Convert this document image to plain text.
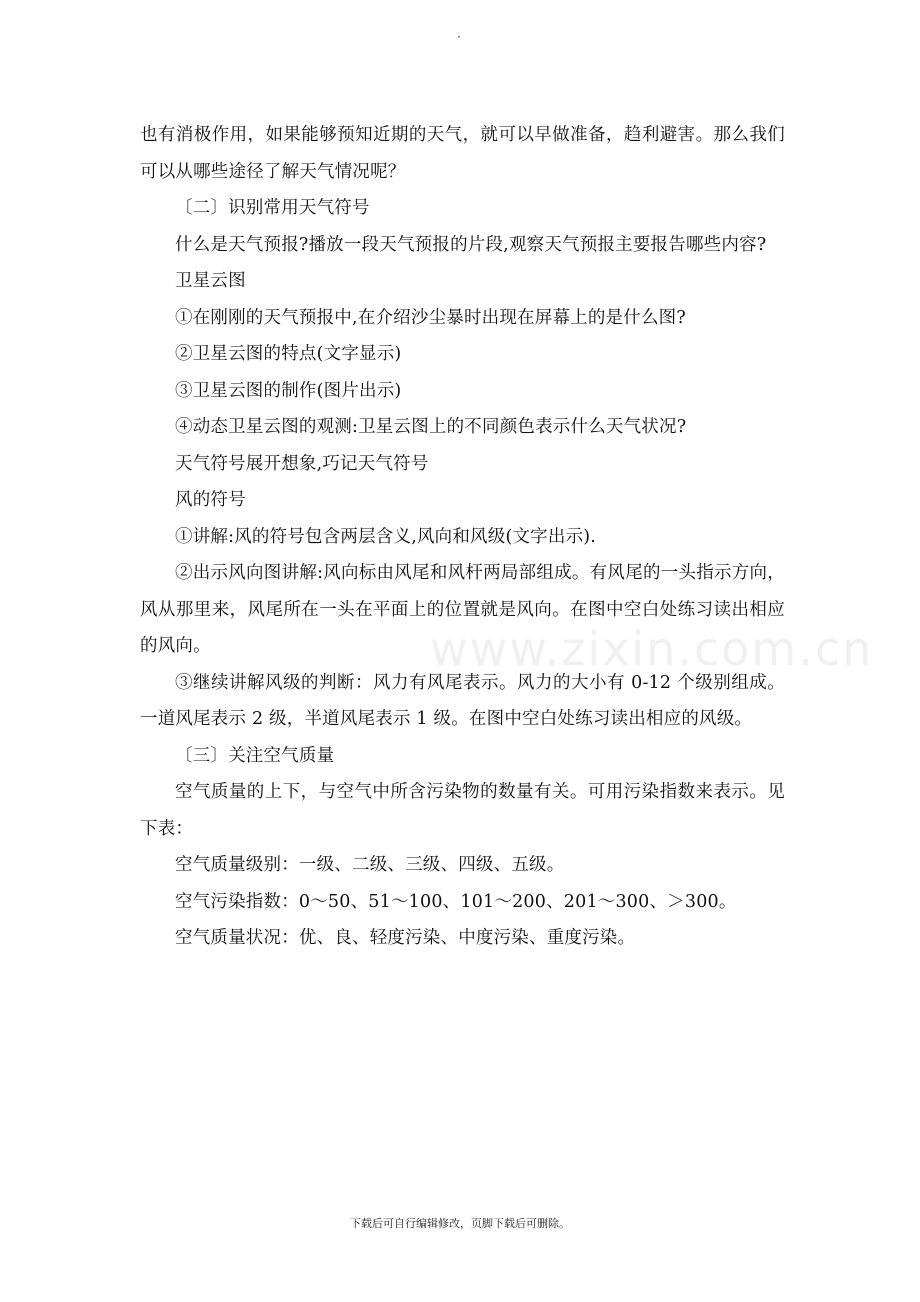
·
www.zixin.com.cn

也有消极作用，如果能够预知近期的天气，就可以早做准备，趋利避害。那么我们可以从哪些途径了解天气情况呢？

〔二〕识别常用天气符号

什么是天气预报?播放一段天气预报的片段,观察天气预报主要报告哪些内容?

卫星云图

①在刚刚的天气预报中,在介绍沙尘暴时出现在屏幕上的是什么图?

②卫星云图的特点(文字显示)

③卫星云图的制作(图片出示)

④动态卫星云图的观测:卫星云图上的不同颜色表示什么天气状况?

天气符号展开想象,巧记天气符号

风的符号

①讲解:风的符号包含两层含义,风向和风级(文字出示).

②出示风向图讲解:风向标由风尾和风杆两局部组成。有风尾的一头指示方向，风从那里来，风尾所在一头在平面上的位置就是风向。在图中空白处练习读出相应的风向。

③继续讲解风级的判断：风力有风尾表示。风力的大小有 0-12 个级别组成。一道风尾表示 2 级，半道风尾表示 1 级。在图中空白处练习读出相应的风级。

〔三〕关注空气质量

空气质量的上下，与空气中所含污染物的数量有关。可用污染指数来表示。见下表：

空气质量级别：一级、二级、三级、四级、五级。

空气污染指数：0～50、51～100、101～200、201～300、＞300。

空气质量状况：优、良、轻度污染、中度污染、重度污染。

下载后可自行编辑修改，页脚下载后可删除。
